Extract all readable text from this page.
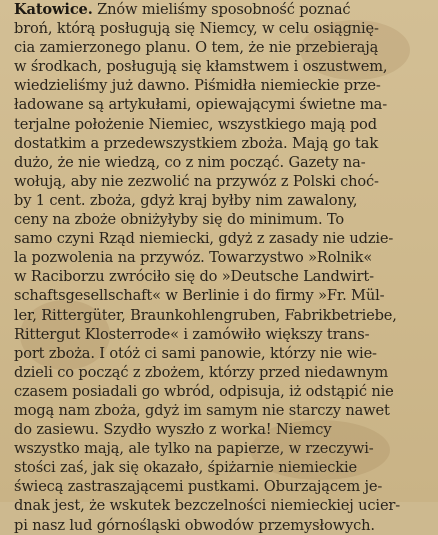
Katowice. Znów mieliśmy sposobność poznać
broń, którą posługują się Niemcy, w celu osiągnię-
cia zamierzonego planu. O tem, że nie przebierają
w środkach, posługują się kłamstwem i oszustwem,
wiedzieliśmy już dawno. Piśmidła niemieckie prze-
ładowane są artykułami, opiewającymi świetne ma-
terjalne położenie Niemiec, wszystkiego mają pod
dostatkim a przedewszystkiem zboża. Mają go tak
dużo, że nie wiedzą, co z nim począć. Gazety na-
wołują, aby nie zezwolić na przywóz z Polski choć-
by 1 cent. zboża, gdyż kraj byłby nim zawalony,
ceny na zboże obniżyłyby się do minimum. To
samo czyni Rząd niemiecki, gdyż z zasady nie udzie-
la pozwolenia na przywóz. Towarzystwo »Rolnik«
w Raciborzu zwróciło się do »Deutsche Landwirt-
schaftsgesellschaft« w Berlinie i do firmy »Fr. Mül-
ler, Rittergüter, Braunkohlengruben, Fabrikbetriebe,
Rittergut Klosterrode« i zamówiło większy trans-
port zboża. I otóż ci sami panowie, którzy nie wie-
dzieli co począć z zbożem, którzy przed niedawnym
czasem posiadali go wbród, odpisuja, iż odstąpić nie
mogą nam zboża, gdyż im samym nie starczy nawet
do zasiewu. Szydło wyszło z worka! Niemcy
wszystko mają, ale tylko na papierze, w rzeczywi-
stości zaś, jak się okazało, śpiżarnie niemieckie
świecą zastraszającemi pustkami. Oburzającem je-
dnak jest, że wskutek bezczelności niemieckiej ucier-
pi nasz lud górnośląski obwodów przemysłowych.
